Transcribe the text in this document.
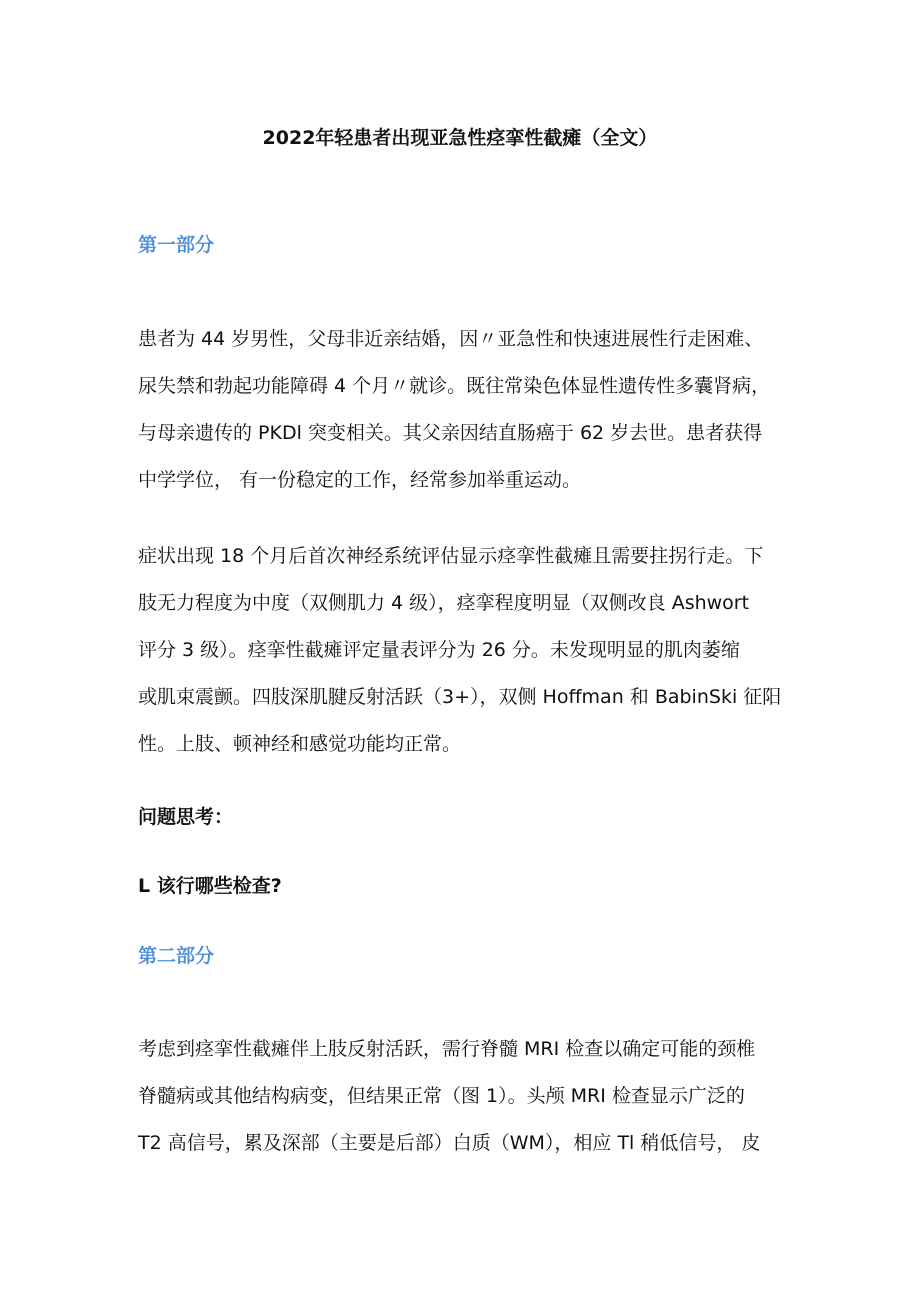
2022年轻患者出现亚急性痉挛性截瘫（全文）
第一部分
患者为 44 岁男性，父母非近亲结婚，因〃亚急性和快速进展性行走困难、
尿失禁和勃起功能障碍 4 个月〃就诊。既往常染色体显性遗传性多囊肾病，
与母亲遗传的 PKDl 突变相关。其父亲因结直肠癌于 62 岁去世。患者获得
中学学位， 有一份稳定的工作，经常参加举重运动。
症状出现 18 个月后首次神经系统评估显示痉挛性截瘫且需要拄拐行走。下
肢无力程度为中度（双侧肌力 4 级），痉挛程度明显（双侧改良 Ashwort
评分 3 级）。痉挛性截瘫评定量表评分为 26 分。未发现明显的肌肉萎缩
或肌束震颤。四肢深肌腱反射活跃（3+），双侧 Hoffman 和 BabinSki 征阳
性。上肢、顿神经和感觉功能均正常。
问题思考：
L 该行哪些检查?
第二部分
考虑到痉挛性截瘫伴上肢反射活跃，需行脊髓 MRI 检查以确定可能的颈椎
脊髓病或其他结构病变，但结果正常（图 1）。头颅 MRI 检查显示广泛的
T2 高信号，累及深部（主要是后部）白质（WM），相应 Tl 稍低信号， 皮
